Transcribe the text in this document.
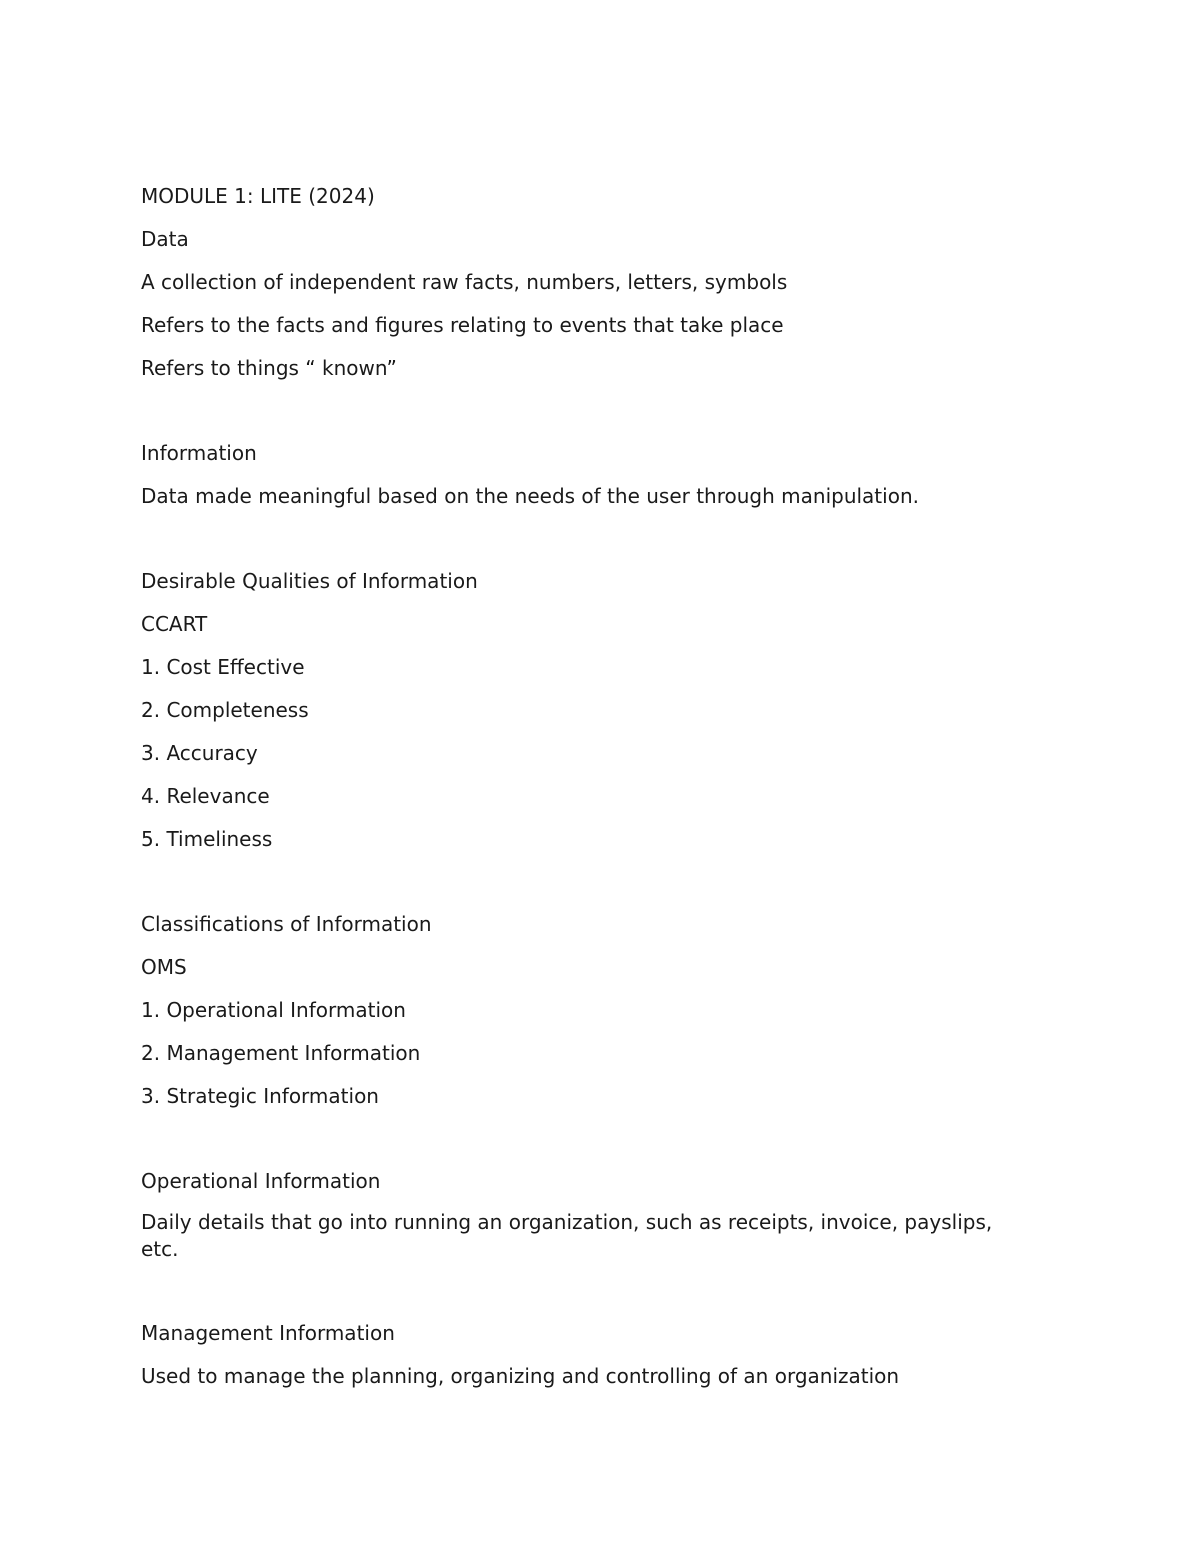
MODULE 1: LITE (2024)
Data
A collection of independent raw facts, numbers, letters, symbols
Refers to the facts and figures relating to events that take place
Refers to things “ known”
Information
Data made meaningful based on the needs of the user through manipulation.
Desirable Qualities of Information
CCART
1. Cost Effective
2. Completeness
3. Accuracy
4. Relevance
5. Timeliness
Classifications of Information
OMS
1. Operational Information
2. Management Information
3. Strategic Information
Operational Information
Daily details that go into running an organization, such as receipts, invoice, payslips, etc.
Management Information
Used to manage the planning, organizing and controlling of an organization
